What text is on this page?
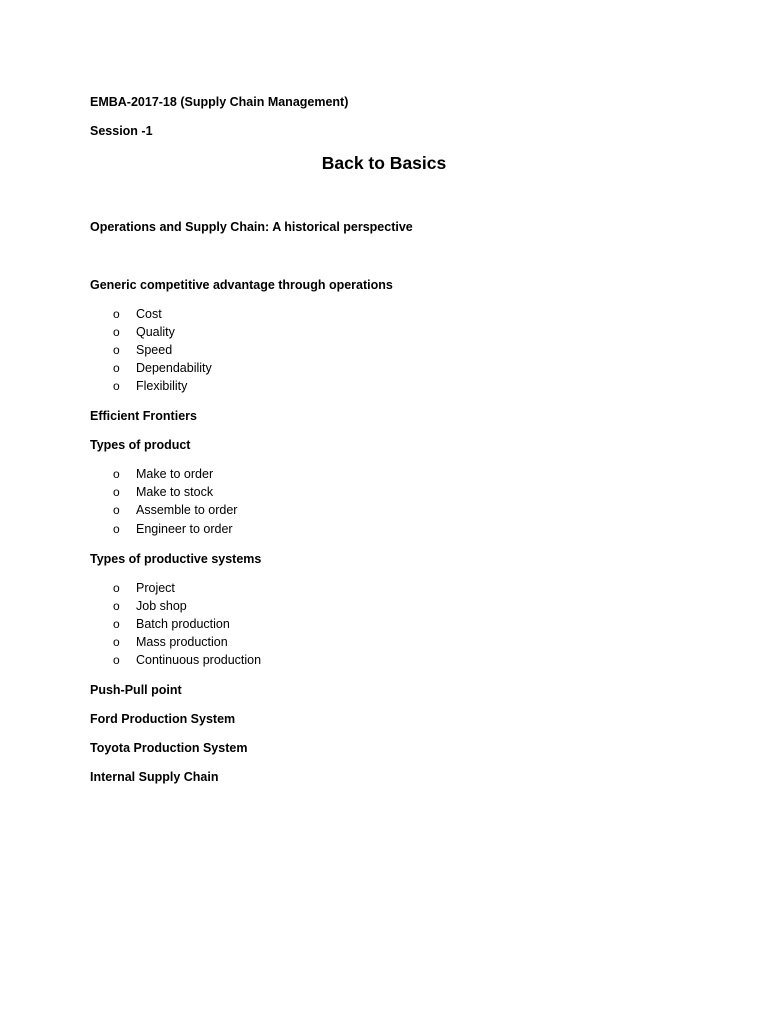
EMBA-2017-18 (Supply Chain Management)
Session -1
Back to Basics
Operations and Supply Chain: A historical perspective
Generic competitive advantage through operations
o Cost
o Quality
o Speed
o Dependability
o Flexibility
Efficient Frontiers
Types of product
o Make to order
o Make to stock
o Assemble to order
o Engineer to order
Types of productive systems
o Project
o Job shop
o Batch production
o Mass production
o Continuous production
Push-Pull point
Ford Production System
Toyota Production System
Internal Supply Chain
